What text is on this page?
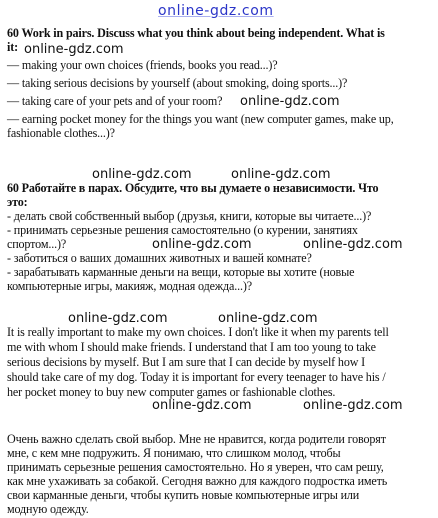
online-gdz.com
60 Work in pairs. Discuss what you think about being independent. What is
it: online-gdz.com
— making your own choices (friends, books you read...)?
— taking serious decisions by yourself (about smoking, doing sports...)?
— taking care of your pets and of your room?	online-gdz.com
— earning pocket money for the things you want (new computer games, make up,
fashionable clothes...)?
online-gdz.com	online-gdz.com
60 Работайте в парах. Обсудите, что вы думаете о независимости. Что
это:
- делать свой собственный выбор (друзья, книги, которые вы читаете...)?
- принимать серьезные решения самостоятельно (о курении, занятиях
спортом...)?	online-gdz.com	online-gdz.com
- заботиться о ваших домашних животных и вашей комнате?
- зарабатывать карманные деньги на вещи, которые вы хотите (новые
компьютерные игры, макияж, модная одежда...)?
online-gdz.com	online-gdz.com
It is really important to make my own choices. I don't like it when my parents tell
me with whom I should make friends. I understand that I am too young to take
serious decisions by myself. But I am sure that I can decide by myself how I
should take care of my dog. Today it is important for every teenager to have his /
her pocket money to buy new computer games or fashionable clothes.
online-gdz.com	online-gdz.com
Очень важно сделать свой выбор. Мне не нравится, когда родители говорят
мне, с кем мне подружить. Я понимаю, что слишком молод, чтобы
принимать серьезные решения самостоятельно. Но я уверен, что сам решу,
как мне ухаживать за собакой. Сегодня важно для каждого подростка иметь
свои карманные деньги, чтобы купить новые компьютерные игры или
модную одежду.
